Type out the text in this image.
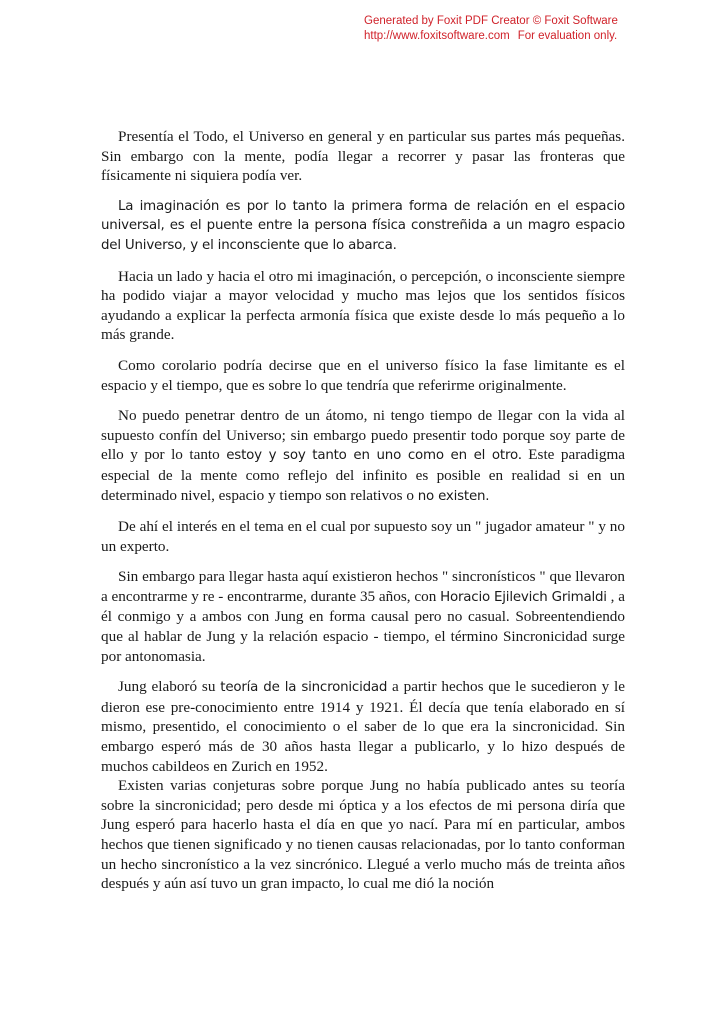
Generated by Foxit PDF Creator © Foxit Software
http://www.foxitsoftware.com For evaluation only.

Presentía el Todo, el Universo en general y en particular sus partes más pequeñas. Sin embargo con la mente, podía llegar a recorrer y pasar las fronteras que físicamente ni siquiera podía ver.

La imaginación es por lo tanto la primera forma de relación en el espacio universal, es el puente entre la persona física constreñida a un magro espacio del Universo, y el inconsciente que lo abarca.

Hacia un lado y hacia el otro mi imaginación, o percepción, o inconsciente siempre ha podido viajar a mayor velocidad y mucho mas lejos que los sentidos físicos ayudando a explicar la perfecta armonía física que existe desde lo más pequeño a lo más grande.

Como corolario podría decirse que en el universo físico la fase limitante es el espacio y el tiempo, que es sobre lo que tendría que referirme originalmente.

No puedo penetrar dentro de un átomo, ni tengo tiempo de llegar con la vida al supuesto confín del Universo; sin embargo puedo presentir todo porque soy parte de ello y por lo tanto estoy y soy tanto en uno como en el otro. Este paradigma especial de la mente como reflejo del infinito es posible en realidad si en un determinado nivel, espacio y tiempo son relativos o no existen.

De ahí el interés en el tema en el cual por supuesto soy un " jugador amateur " y no un experto.

Sin embargo para llegar hasta aquí existieron hechos " sincronísticos " que llevaron a encontrarme y re - encontrarme, durante 35 años, con Horacio Ejilevich Grimaldi , a él conmigo y a ambos con Jung en forma causal pero no casual. Sobreentendiendo que al hablar de Jung y la relación espacio - tiempo, el término Sincronicidad surge por antonomasia.

Jung elaboró su teoría de la sincronicidad a partir hechos que le sucedieron y le dieron ese pre-conocimiento entre 1914 y 1921. Él decía que tenía elaborado en sí mismo, presentido, el conocimiento o el saber de lo que era la sincronicidad. Sin embargo esperó más de 30 años hasta llegar a publicarlo, y lo hizo después de muchos cabildeos en Zurich en 1952.

Existen varias conjeturas sobre porque Jung no había publicado antes su teoría sobre la sincronicidad; pero desde mi óptica y a los efectos de mi persona diría que Jung esperó para hacerlo hasta el día en que yo nací. Para mí en particular, ambos hechos que tienen significado y no tienen causas relacionadas, por lo tanto conforman un hecho sincronístico a la vez sincrónico. Llegué a verlo mucho más de treinta años después y aún así tuvo un gran impacto, lo cual me dió la noción
